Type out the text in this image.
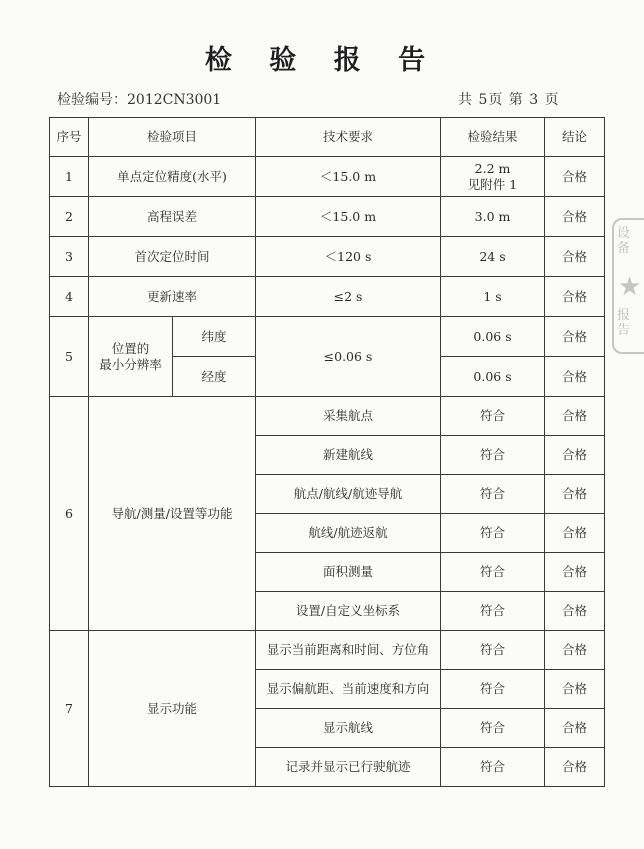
检 验 报 告
检验编号：2012CN3001	共 5页 第 3 页
序号	检验项目		技术要求	检验结果	结论
1	单点定位精度(水平)		＜15.0 m	2.2 m
见附件 1	合格
2	高程误差		＜15.0 m	3.0 m	合格
3	首次定位时间		＜120 s	24 s	合格
4	更新速率		≤2 s	1 s	合格
5	位置的
最小分辨率	纬度	≤0.06 s	0.06 s	合格
		经度		0.06 s	合格
6	导航/测量/设置等功能		采集航点	符合	合格
			新建航线	符合	合格
			航点/航线/航迹导航	符合	合格
			航线/航迹返航	符合	合格
			面积测量	符合	合格
			设置/自定义坐标系	符合	合格
7	显示功能		显示当前距离和时间、方位角	符合	合格
			显示偏航距、当前速度和方向	符合	合格
			显示航线	符合	合格
			记录并显示已行驶航迹	符合	合格
设备
★
报告
